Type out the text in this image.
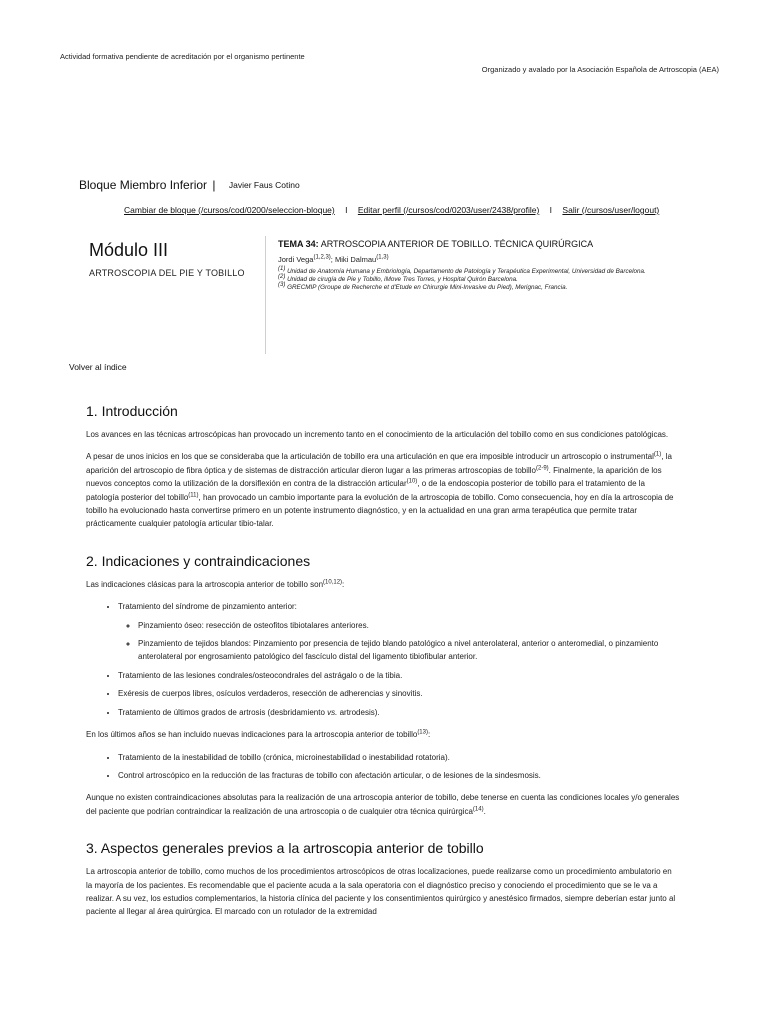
Actividad formativa pendiente de acreditación por el organismo pertinente
Organizado y avalado por la Asociación Española de Artroscopia (AEA)
Bloque Miembro Inferior | Javier Faus Cotino
Cambiar de bloque (/cursos/cod/0200/seleccion-bloque) I Editar perfil (/cursos/cod/0203/user/2438/profile) I Salir (/cursos/user/logout)
Módulo III
ARTROSCOPIA DEL PIE Y TOBILLO
TEMA 34: ARTROSCOPIA ANTERIOR DE TOBILLO. TÉCNICA QUIRÚRGICA
Jordi Vega$^{(1,2,3)}$; Miki Dalmau$^{(1,3)}$
$^{(1)}$ Unidad de Anatomía Humana y Embriología, Departamento de Patología y Terapéutica Experimental, Universidad de Barcelona.
$^{(2)}$ Unidad de cirugía de Pie y Tobillo, iMove Tres Torres, y Hospital Quirón Barcelona.
$^{(3)}$ GRECMIP (Groupe de Recherche et d'Etude en Chirurgie Mini-Invasive du Pied), Merignac, Francia.
Volver al índice
1. Introducción

Los avances en las técnicas artroscópicas han provocado un incremento tanto en el conocimiento de la articulación del tobillo como en sus condiciones patológicas.

A pesar de unos inicios en los que se consideraba que la articulación de tobillo era una articulación en que era imposible introducir un artroscopio o instrumental$^{(1)}$, la aparición del artroscopio de fibra óptica y de sistemas de distracción articular dieron lugar a las primeras artroscopias de tobillo$^{(2-9)}$. Finalmente, la aparición de los nuevos conceptos como la utilización de la dorsiflexión en contra de la distracción articular$^{(10)}$, o de la endoscopia posterior de tobillo para el tratamiento de la patología posterior del tobillo$^{(11)}$, han provocado un cambio importante para la evolución de la artroscopia de tobillo. Como consecuencia, hoy en día la artroscopia de tobillo ha evolucionado hasta convertirse primero en un potente instrumento diagnóstico, y en la actualidad en una gran arma terapéutica que permite tratar prácticamente cualquier patología articular tibio-talar.

2. Indicaciones y contraindicaciones

Las indicaciones clásicas para la artroscopia anterior de tobillo son$^{(10,12)}$:

• Tratamiento del síndrome de pinzamiento anterior:
◦ Pinzamiento óseo: resección de osteofitos tibiotalares anteriores.
◦ Pinzamiento de tejidos blandos: Pinzamiento por presencia de tejido blando patológico a nivel anterolateral, anterior o anteromedial, o pinzamiento anterolateral por engrosamiento patológico del fascículo distal del ligamento tibiofibular anterior.
• Tratamiento de las lesiones condrales/osteocondrales del astrágalo o de la tibia.
• Exéresis de cuerpos libres, osículos verdaderos, resección de adherencias y sinovitis.
• Tratamiento de últimos grados de artrosis (desbridamiento vs. artrodesis).

En los últimos años se han incluido nuevas indicaciones para la artroscopia anterior de tobillo$^{(13)}$:

• Tratamiento de la inestabilidad de tobillo (crónica, microinestabilidad o inestabilidad rotatoria).
• Control artroscópico en la reducción de las fracturas de tobillo con afectación articular, o de lesiones de la sindesmosis.

Aunque no existen contraindicaciones absolutas para la realización de una artroscopia anterior de tobillo, debe tenerse en cuenta las condiciones locales y/o generales del paciente que podrían contraindicar la realización de una artroscopia o de cualquier otra técnica quirúrgica$^{(14)}$.

3. Aspectos generales previos a la artroscopia anterior de tobillo

La artroscopia anterior de tobillo, como muchos de los procedimientos artroscópicos de otras localizaciones, puede realizarse como un procedimiento ambulatorio en la mayoría de los pacientes. Es recomendable que el paciente acuda a la sala operatoria con el diagnóstico preciso y conociendo el procedimiento que se le va a realizar. A su vez, los estudios complementarios, la historia clínica del paciente y los consentimientos quirúrgico y anestésico firmados, siempre deberían estar junto al paciente al llegar al área quirúrgica. El marcado con un rotulador de la extremidad
